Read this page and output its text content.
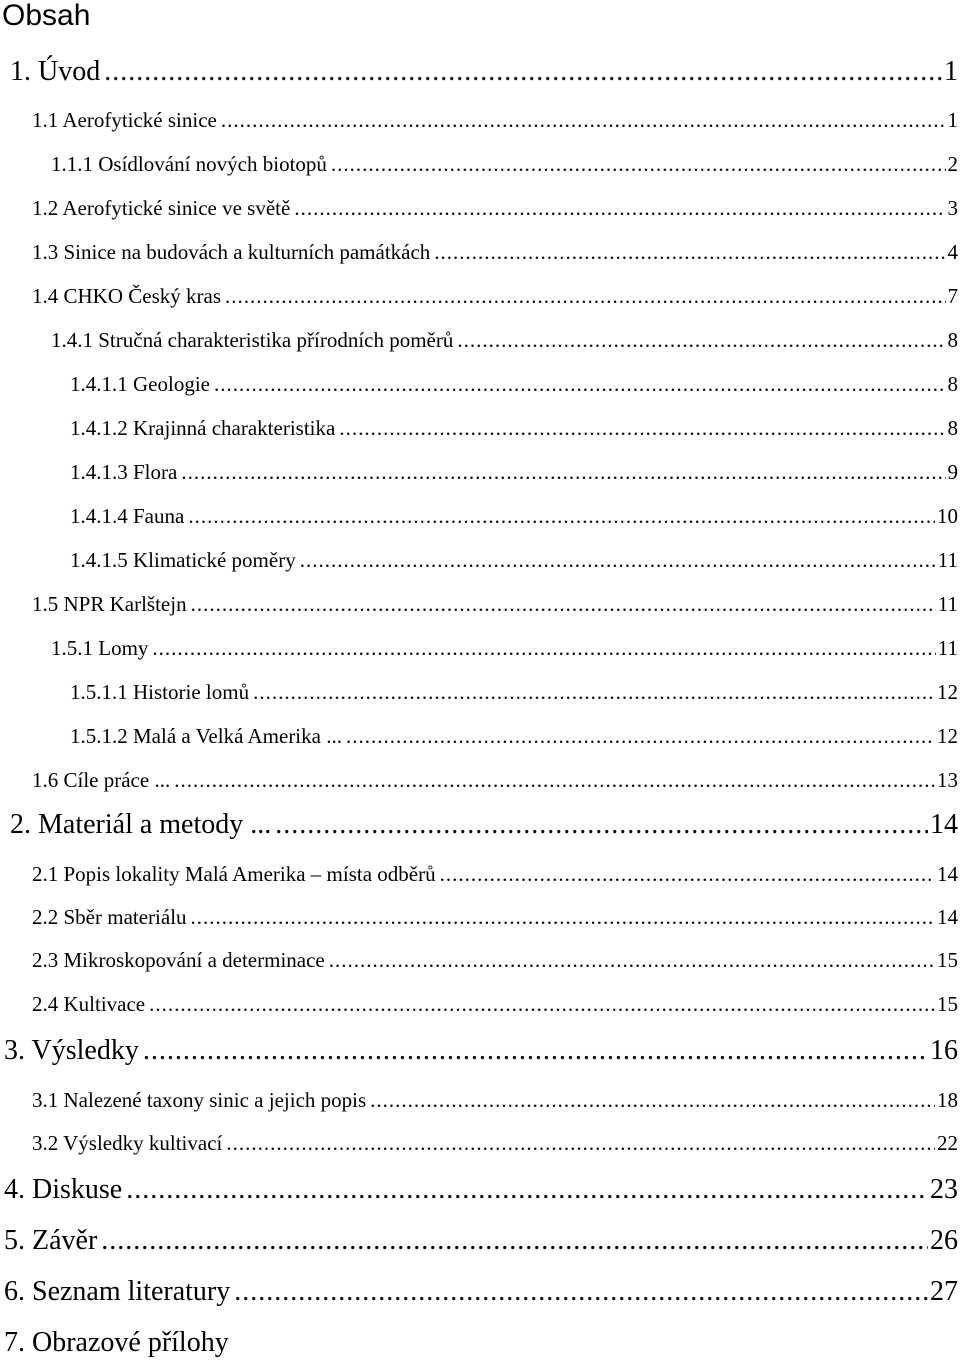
Obsah
1. Úvod .....	1
1.1 Aerofytické sinice .....	1
1.1.1 Osídlování nových biotopů .....	2
1.2 Aerofytické sinice ve světě .....	3
1.3 Sinice na budovách a kulturních památkách .....	4
1.4 CHKO Český kras .....	7
1.4.1 Stručná charakteristika přírodních poměrů .....	8
1.4.1.1 Geologie .....	8
1.4.1.2 Krajinná charakteristika .....	8
1.4.1.3 Flora .....	9
1.4.1.4 Fauna .....	10
1.4.1.5 Klimatické poměry .....	11
1.5 NPR Karlštejn .....	11
1.5.1 Lomy .....	11
1.5.1.1 Historie lomů .....	12
1.5.1.2 Malá a Velká Amerika ... .....	12
1.6 Cíle práce ... .....	13
2. Materiál a metody ... .....	14
2.1 Popis lokality Malá Amerika – místa odběrů .....	14
2.2 Sběr materiálu .....	14
2.3 Mikroskopování a determinace .....	15
2.4 Kultivace .....	15
3. Výsledky .....	16
3.1 Nalezené taxony sinic a jejich popis .....	18
3.2 Výsledky kultivací .....	22
4. Diskuse .....	23
5. Závěr .....	26
6. Seznam literatury .....	27
7. Obrazové přílohy
